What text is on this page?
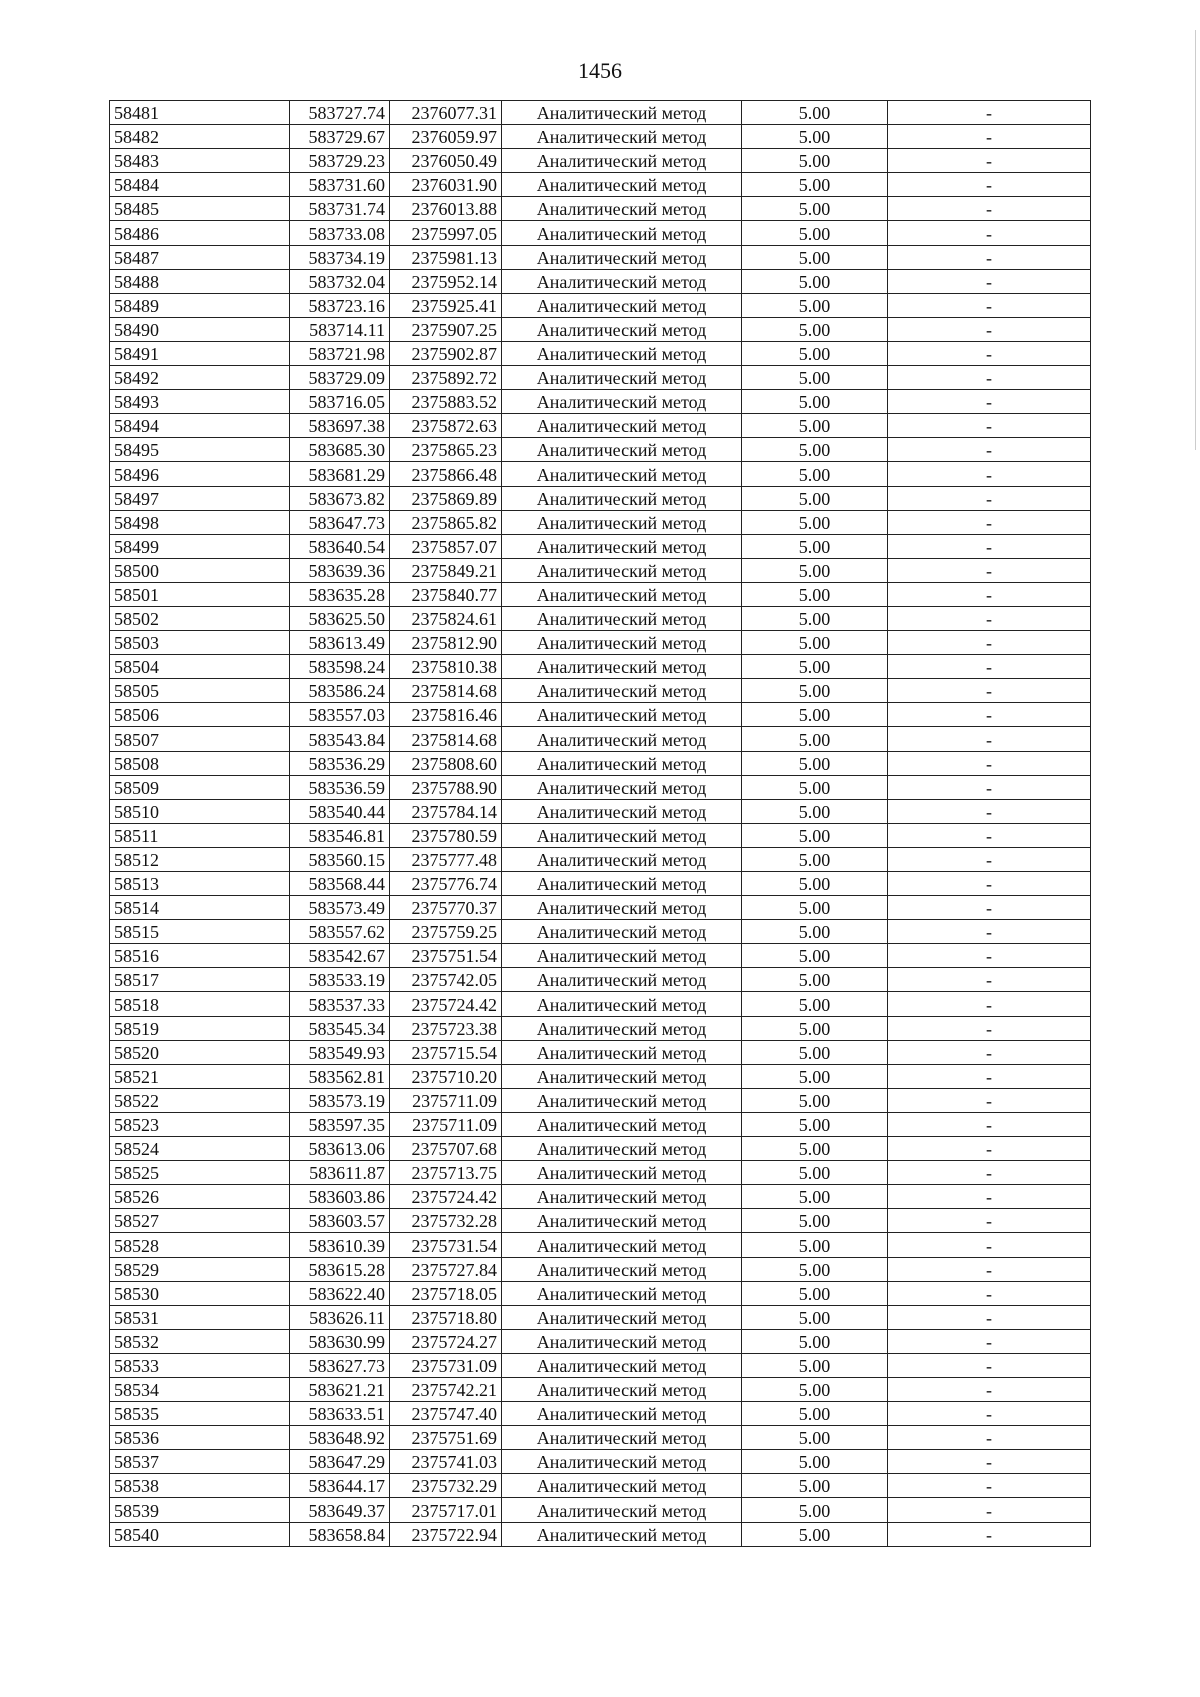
1456
58481	583727.74	2376077.31	Аналитический метод	5.00	-
58482	583729.67	2376059.97	Аналитический метод	5.00	-
58483	583729.23	2376050.49	Аналитический метод	5.00	-
58484	583731.60	2376031.90	Аналитический метод	5.00	-
58485	583731.74	2376013.88	Аналитический метод	5.00	-
58486	583733.08	2375997.05	Аналитический метод	5.00	-
58487	583734.19	2375981.13	Аналитический метод	5.00	-
58488	583732.04	2375952.14	Аналитический метод	5.00	-
58489	583723.16	2375925.41	Аналитический метод	5.00	-
58490	583714.11	2375907.25	Аналитический метод	5.00	-
58491	583721.98	2375902.87	Аналитический метод	5.00	-
58492	583729.09	2375892.72	Аналитический метод	5.00	-
58493	583716.05	2375883.52	Аналитический метод	5.00	-
58494	583697.38	2375872.63	Аналитический метод	5.00	-
58495	583685.30	2375865.23	Аналитический метод	5.00	-
58496	583681.29	2375866.48	Аналитический метод	5.00	-
58497	583673.82	2375869.89	Аналитический метод	5.00	-
58498	583647.73	2375865.82	Аналитический метод	5.00	-
58499	583640.54	2375857.07	Аналитический метод	5.00	-
58500	583639.36	2375849.21	Аналитический метод	5.00	-
58501	583635.28	2375840.77	Аналитический метод	5.00	-
58502	583625.50	2375824.61	Аналитический метод	5.00	-
58503	583613.49	2375812.90	Аналитический метод	5.00	-
58504	583598.24	2375810.38	Аналитический метод	5.00	-
58505	583586.24	2375814.68	Аналитический метод	5.00	-
58506	583557.03	2375816.46	Аналитический метод	5.00	-
58507	583543.84	2375814.68	Аналитический метод	5.00	-
58508	583536.29	2375808.60	Аналитический метод	5.00	-
58509	583536.59	2375788.90	Аналитический метод	5.00	-
58510	583540.44	2375784.14	Аналитический метод	5.00	-
58511	583546.81	2375780.59	Аналитический метод	5.00	-
58512	583560.15	2375777.48	Аналитический метод	5.00	-
58513	583568.44	2375776.74	Аналитический метод	5.00	-
58514	583573.49	2375770.37	Аналитический метод	5.00	-
58515	583557.62	2375759.25	Аналитический метод	5.00	-
58516	583542.67	2375751.54	Аналитический метод	5.00	-
58517	583533.19	2375742.05	Аналитический метод	5.00	-
58518	583537.33	2375724.42	Аналитический метод	5.00	-
58519	583545.34	2375723.38	Аналитический метод	5.00	-
58520	583549.93	2375715.54	Аналитический метод	5.00	-
58521	583562.81	2375710.20	Аналитический метод	5.00	-
58522	583573.19	2375711.09	Аналитический метод	5.00	-
58523	583597.35	2375711.09	Аналитический метод	5.00	-
58524	583613.06	2375707.68	Аналитический метод	5.00	-
58525	583611.87	2375713.75	Аналитический метод	5.00	-
58526	583603.86	2375724.42	Аналитический метод	5.00	-
58527	583603.57	2375732.28	Аналитический метод	5.00	-
58528	583610.39	2375731.54	Аналитический метод	5.00	-
58529	583615.28	2375727.84	Аналитический метод	5.00	-
58530	583622.40	2375718.05	Аналитический метод	5.00	-
58531	583626.11	2375718.80	Аналитический метод	5.00	-
58532	583630.99	2375724.27	Аналитический метод	5.00	-
58533	583627.73	2375731.09	Аналитический метод	5.00	-
58534	583621.21	2375742.21	Аналитический метод	5.00	-
58535	583633.51	2375747.40	Аналитический метод	5.00	-
58536	583648.92	2375751.69	Аналитический метод	5.00	-
58537	583647.29	2375741.03	Аналитический метод	5.00	-
58538	583644.17	2375732.29	Аналитический метод	5.00	-
58539	583649.37	2375717.01	Аналитический метод	5.00	-
58540	583658.84	2375722.94	Аналитический метод	5.00	-
